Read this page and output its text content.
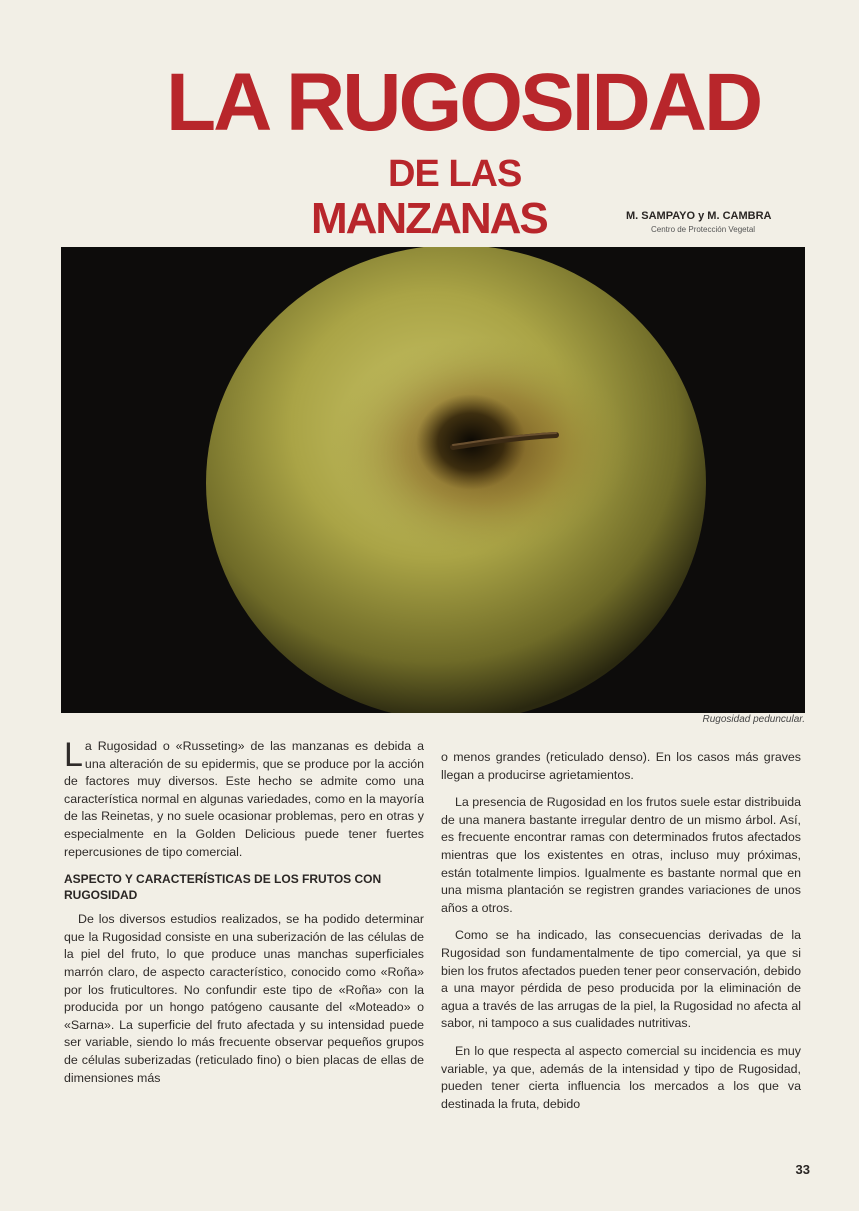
LA RUGOSIDAD
DE LAS
MANZANAS	M. SAMPAYO y M. CAMBRA
Centro de Protección Vegetal
Rugosidad peduncular.

La Rugosidad o «Russeting» de las manzanas es debida a una alteración de su epidermis, que se produce por la acción de factores muy diversos. Este hecho se admite como una característica normal en algunas variedades, como en la mayoría de las Reinetas, y no suele ocasionar problemas, pero en otras y especialmente en la Golden Delicious puede tener fuertes repercusiones de tipo comercial.

ASPECTO Y CARACTERÍSTICAS DE LOS FRUTOS CON RUGOSIDAD

De los diversos estudios realizados, se ha podido determinar que la Rugosidad consiste en una suberización de las células de la piel del fruto, lo que produce unas manchas superficiales marrón claro, de aspecto característico, conocido como «Roña» por los fruticultores. No confundir este tipo de «Roña» con la producida por un hongo patógeno causante del «Moteado» o «Sarna». La superficie del fruto afectada y su intensidad puede ser variable, siendo lo más frecuente observar pequeños grupos de células suberizadas (reticulado fino) o bien placas de ellas de dimensiones más

o menos grandes (reticulado denso). En los casos más graves llegan a producirse agrietamientos.

La presencia de Rugosidad en los frutos suele estar distribuida de una manera bastante irregular dentro de un mismo árbol. Así, es frecuente encontrar ramas con determinados frutos afectados mientras que los existentes en otras, incluso muy próximas, están totalmente limpios. Igualmente es bastante normal que en una misma plantación se registren grandes variaciones de unos años a otros.

Como se ha indicado, las consecuencias derivadas de la Rugosidad son fundamentalmente de tipo comercial, ya que si bien los frutos afectados pueden tener peor conservación, debido a una mayor pérdida de peso producida por la eliminación de agua a través de las arrugas de la piel, la Rugosidad no afecta al sabor, ni tampoco a sus cualidades nutritivas.

En lo que respecta al aspecto comercial su incidencia es muy variable, ya que, además de la intensidad y tipo de Rugosidad, pueden tener cierta influencia los mercados a los que va destinada la fruta, debido

33
